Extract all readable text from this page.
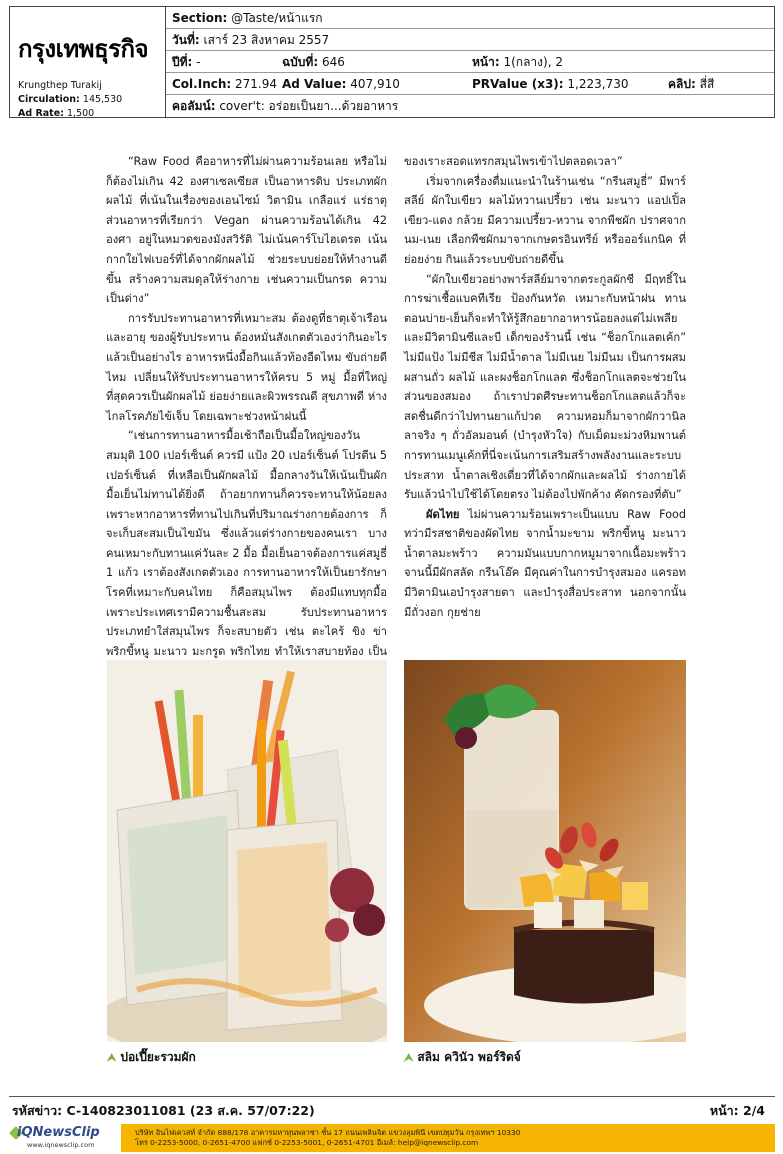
กรุงเทพธุรกิจ
Krungthep Turakij
Circulation: 145,530
Ad Rate: 1,500
Section: @Taste/หน้าแรก
วันที่: เสาร์ 23 สิงหาคม 2557
ปีที่: -	ฉบับที่: 646	หน้า: 1(กลาง), 2
Col.Inch: 271.94 Ad Value: 407,910	PRValue (x3): 1,223,730	คลิป: สี่สี
คอลัมน์: cover't: อร่อยเป็นยา...ด้วยอาหาร

“Raw Food คืออาหารที่ไม่ผ่านความร้อนเลย หรือไม่ก็ต้องไม่เกิน 42 องศาเซลเซียส เป็นอาหารดิบ ประเภทผักผลไม้ ที่เน้นในเรื่องของเอนไซม์ วิตามิน เกลือแร่ แร่ธาตุ ส่วนอาหารที่เรียกว่า Vegan ผ่านความร้อนได้เกิน 42 องศา อยู่ในหมวดของมังสวิรัติ ไม่เน้นคาร์โบไฮเดรต เน้นกากใยไฟเบอร์ที่ได้จากผักผลไม้ ช่วยระบบย่อยให้ทำงานดีขึ้น สร้างความสมดุลให้ร่างกาย เช่นความเป็นกรด ความเป็นด่าง”

การรับประทานอาหารที่เหมาะสม ต้องดูที่ธาตุเจ้าเรือน และอายุ ของผู้รับประทาน ต้องหมั่นสังเกตตัวเองว่ากินอะไรแล้วเป็นอย่างไร อาหารหนึ่งมื้อกินแล้วท้องอืดไหม ขับถ่ายดีไหม เปลี่ยนให้รับประทานอาหารให้ครบ 5 หมู่ มื้อที่ใหญ่ที่สุดควรเป็นผักผลไม้ ย่อยง่ายและผิวพรรณดี สุขภาพดี ห่างไกลโรคภัยไข้เจ็บ โดยเฉพาะช่วงหน้าฝนนี้

“เช่นการทานอาหารมื้อเช้าถือเป็นมื้อใหญ่ของวัน สมมุติ 100 เปอร์เซ็นต์ ควรมี แป้ง 20 เปอร์เซ็นต์ โปรตีน 5 เปอร์เซ็นต์ ที่เหลือเป็นผักผลไม้ มื้อกลางวันให้เน้นเป็นผัก มื้อเย็นไม่ทานได้ยิ่งดี ถ้าอยากทานก็ควรจะทานให้น้อยลง เพราะหากอาหารที่ทานไปเกินที่ปริมาณร่างกายต้องการ ก็จะเก็บสะสมเป็นไขมัน ซึ่งแล้วแต่ร่างกายของคนเรา บางคนเหมาะกับทานแค่วันละ 2 มื้อ มื้อเย็นอาจต้องการแค่สมูธี่ 1 แก้ว เราต้องสังเกตตัวเอง การทานอาหารให้เป็นยารักษาโรคที่เหมาะกับคนไทย ก็คือสมุนไพร ต้องมีแทบทุกมื้อ เพราะประเทศเรามีความชื้นสะสม รับประทานอาหารประเภทยำใส่สมุนไพร ก็จะสบายตัว เช่น ตะไคร้ ขิง ข่า พริกขี้หนู มะนาว มะกรูด พริกไทย ทำให้เราสบายท้อง เป็น

ของเราะสอดแทรกสมุนไพรเข้าไปตลอดเวลา”

เริ่มจากเครื่องดื่มแนะนำในร้านเช่น “กรีนสมูธี่” มีพาร์สลีย์ ผักใบเขียว ผลไม้หวานเปรี้ยว เช่น มะนาว แอปเปิ้ลเขียว-แดง กล้วย มีความเปรี้ยว-หวาน จากพืชผัก ปราศจากนม-เนย เลือกพืชผักมาจากเกษตรอินทรีย์ หรือออร์แกนิค ที่ย่อยง่าย กินแล้วระบบขับถ่ายดีขึ้น

“ผักใบเขียวอย่างพาร์สลีย์มาจากตระกูลผักชี มีฤทธิ์ในการฆ่าเชื้อแบคทีเรีย ป้องกันหวัด เหมาะกับหน้าฝน ทานตอนบ่าย-เย็นก็จะทำให้รู้สึกอยากอาหารน้อยลงแต่ไม่เพลีย และมีวิตามินซีและบี เด็กของร้านนี้ เช่น “ช็อกโกแลตเค้ก” ไม่มีแป้ง ไม่มีชีส ไม่มีน้ำตาล ไม่มีเนย ไม่มีนม เป็นการผสมผสานถั่ว ผลไม้ และผงช็อกโกแลต ซึ่งช็อกโกแลตจะช่วยในส่วนของสมอง ถ้าเราปวดศีรษะทานช็อกโกแลตแล้วก็จะสดชื่นดีกว่าไปทานยาแก้ปวด ความหอมก็มาจากผักวานิลลาจริง ๆ ถั่วอัลมอนด์ (บำรุงหัวใจ) กับเม็ดมะม่วงหิมพานต์ การทานเมนูเค้กที่นี่จะเน้นการเสริมสร้างพลังงานและระบบประสาท น้ำตาลเชิงเดี่ยวที่ได้จากผักและผลไม้ ร่างกายได้รับแล้วนำไปใช้ได้โดยตรง ไม่ต้องไปพักค้าง คัดกรองที่ตับ”

ผัดไทย ไม่ผ่านความร้อนเพราะเป็นแบบ Raw Food ทว่ามีรสชาติของผัดไทย จากน้ำมะขาม พริกขี้หนู มะนาว น้ำตาลมะพร้าว ความมันแบบกากหมูมาจากเนื้อมะพร้าว จานนี้มีผักสลัด กรีนโอ๊ค มีคุณค่าในการบำรุงสมอง แครอท มีวิตามินเอบำรุงสายตา และบำรุงสื่อประสาท นอกจากนั้น มีถั่วงอก กุยช่าย

⮝ ปอเปี๊ยะรวมผัก	⮝ สลิม ควินัว พอร์ริดจ์
รหัสข่าว: C-140823011081 (23 ส.ค. 57/07:22)	หน้า: 2/4
iQNewsClip
www.iqnewsclip.com
บริษัท อินไฟเควสท์ จำกัด 888/178 อาคารมหาทุนพลาซ่า ชั้น 17 ถนนเพลินจิต แขวงลุมพินี เขตปทุมวัน กรุงเทพฯ 10330
โทร 0-2253-5000, 0-2651-4700 แฟกซ์ 0-2253-5001, 0-2651-4701 อีเมล์: help@iqnewsclip.com
